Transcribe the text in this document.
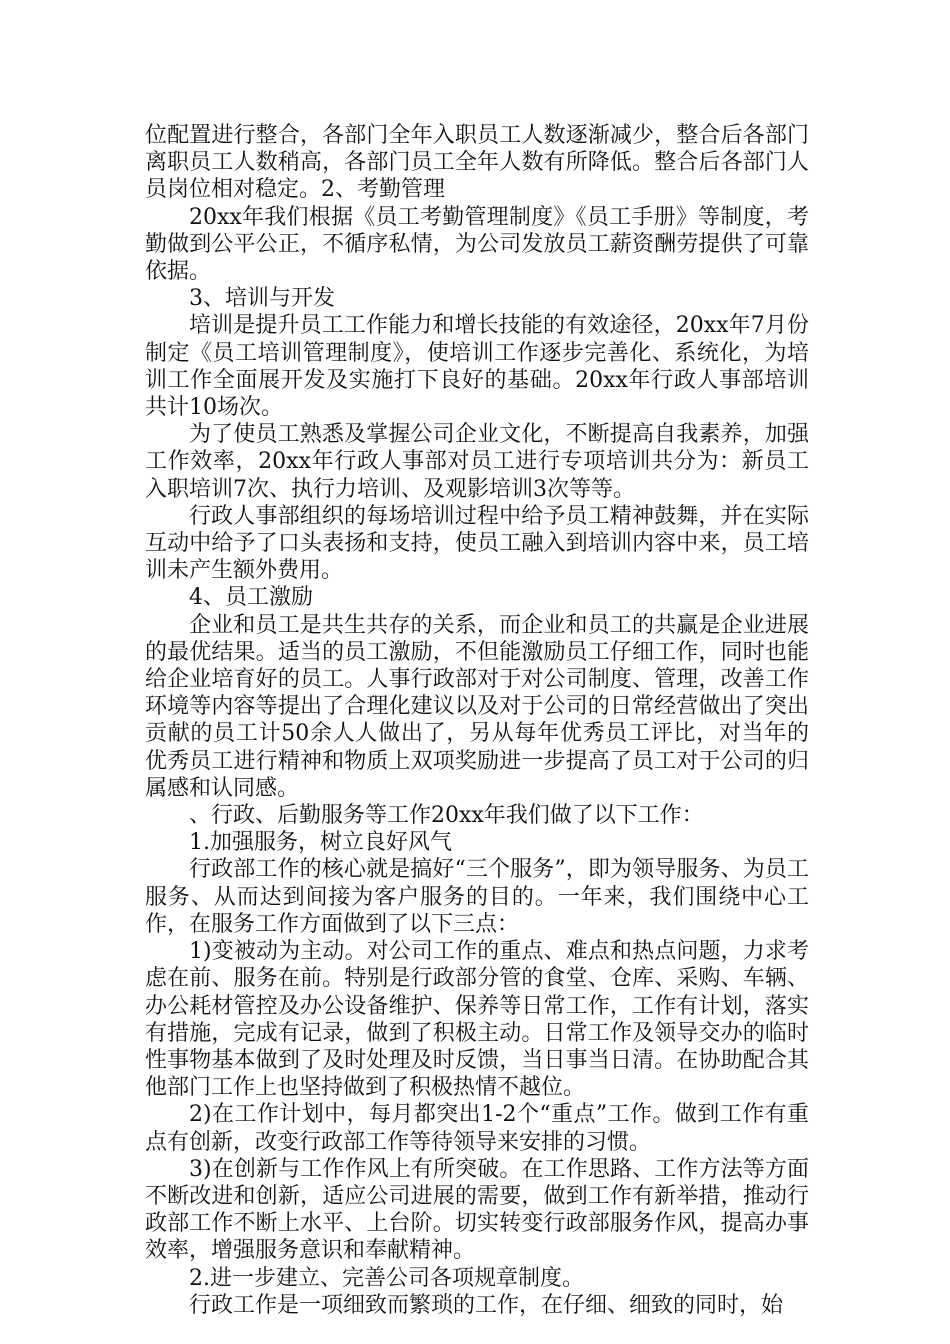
位配置进行整合，各部门全年入职员工人数逐渐减少，整合后各部门离职员工人数稍高，各部门员工全年人数有所降低。整合后各部门人员岗位相对稳定。2、考勤管理

20xx年我们根据《员工考勤管理制度》《员工手册》等制度，考勤做到公平公正，不循序私情，为公司发放员工薪资酬劳提供了可靠依据。

3、培训与开发

培训是提升员工工作能力和增长技能的有效途径，20xx年7月份制定《员工培训管理制度》，使培训工作逐步完善化、系统化，为培训工作全面展开发及实施打下良好的基础。20xx年行政人事部培训共计10场次。

为了使员工熟悉及掌握公司企业文化，不断提高自我素养，加强工作效率，20xx年行政人事部对员工进行专项培训共分为：新员工入职培训7次、执行力培训、及观影培训3次等等。

行政人事部组织的每场培训过程中给予员工精神鼓舞，并在实际互动中给予了口头表扬和支持，使员工融入到培训内容中来，员工培训未产生额外费用。

4、员工激励

企业和员工是共生共存的关系，而企业和员工的共赢是企业进展的最优结果。适当的员工激励，不但能激励员工仔细工作，同时也能给企业培育好的员工。人事行政部对于对公司制度、管理，改善工作环境等内容等提出了合理化建议以及对于公司的日常经营做出了突出贡献的员工计50余人人做出了，另从每年优秀员工评比，对当年的优秀员工进行精神和物质上双项奖励进一步提高了员工对于公司的归属感和认同感。

、行政、后勤服务等工作20xx年我们做了以下工作：

1.加强服务，树立良好风气

行政部工作的核心就是搞好“三个服务”，即为领导服务、为员工服务、从而达到间接为客户服务的目的。一年来，我们围绕中心工作，在服务工作方面做到了以下三点：

1)变被动为主动。对公司工作的重点、难点和热点问题，力求考虑在前、服务在前。特别是行政部分管的食堂、仓库、采购、车辆、办公耗材管控及办公设备维护、保养等日常工作，工作有计划，落实有措施，完成有记录，做到了积极主动。日常工作及领导交办的临时性事物基本做到了及时处理及时反馈，当日事当日清。在协助配合其他部门工作上也坚持做到了积极热情不越位。

2)在工作计划中，每月都突出1-2个“重点”工作。做到工作有重点有创新，改变行政部工作等待领导来安排的习惯。

3)在创新与工作作风上有所突破。在工作思路、工作方法等方面不断改进和创新，适应公司进展的需要，做到工作有新举措，推动行政部工作不断上水平、上台阶。切实转变行政部服务作风，提高办事效率，增强服务意识和奉献精神。

2.进一步建立、完善公司各项规章制度。

行政工作是一项细致而繁琐的工作，在仔细、细致的同时，始
